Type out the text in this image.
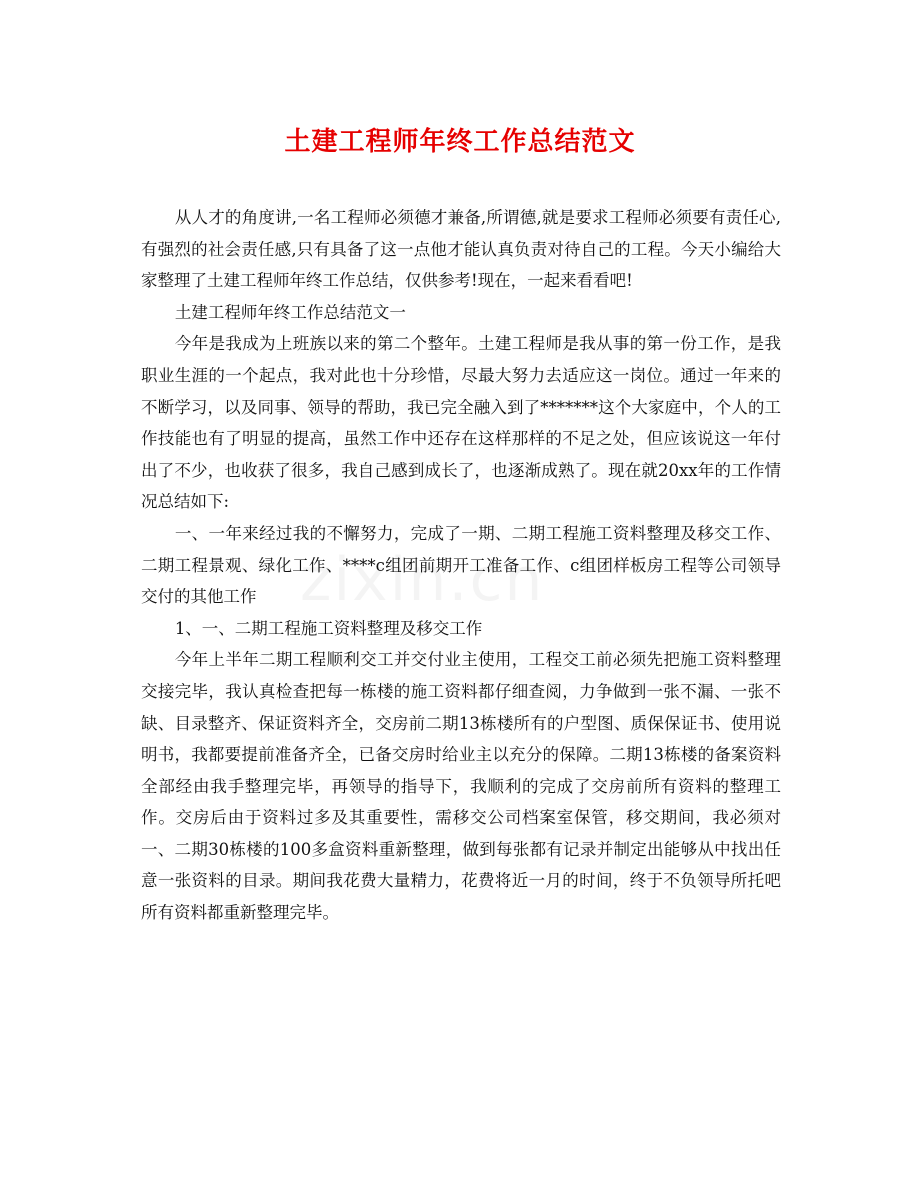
土建工程师年终工作总结范文

从人才的角度讲,一名工程师必须德才兼备,所谓德,就是要求工程师必须要有责任心,有强烈的社会责任感,只有具备了这一点他才能认真负责对待自己的工程。今天小编给大家整理了土建工程师年终工作总结，仅供参考!现在，一起来看看吧!

土建工程师年终工作总结范文一

今年是我成为上班族以来的第二个整年。土建工程师是我从事的第一份工作，是我职业生涯的一个起点，我对此也十分珍惜，尽最大努力去适应这一岗位。通过一年来的不断学习，以及同事、领导的帮助，我已完全融入到了*******这个大家庭中，个人的工作技能也有了明显的提高，虽然工作中还存在这样那样的不足之处，但应该说这一年付出了不少，也收获了很多，我自己感到成长了，也逐渐成熟了。现在就20xx年的工作情况总结如下:

一、一年来经过我的不懈努力，完成了一期、二期工程施工资料整理及移交工作、二期工程景观、绿化工作、****c组团前期开工准备工作、c组团样板房工程等公司领导交付的其他工作

1、一、二期工程施工资料整理及移交工作

今年上半年二期工程顺利交工并交付业主使用，工程交工前必须先把施工资料整理交接完毕，我认真检查把每一栋楼的施工资料都仔细查阅，力争做到一张不漏、一张不缺、目录整齐、保证资料齐全，交房前二期13栋楼所有的户型图、质保保证书、使用说明书，我都要提前准备齐全，已备交房时给业主以充分的保障。二期13栋楼的备案资料全部经由我手整理完毕，再领导的指导下，我顺利的完成了交房前所有资料的整理工作。交房后由于资料过多及其重要性，需移交公司档案室保管，移交期间，我必须对一、二期30栋楼的100多盒资料重新整理，做到每张都有记录并制定出能够从中找出任意一张资料的目录。期间我花费大量精力，花费将近一月的时间，终于不负领导所托吧所有资料都重新整理完毕。
